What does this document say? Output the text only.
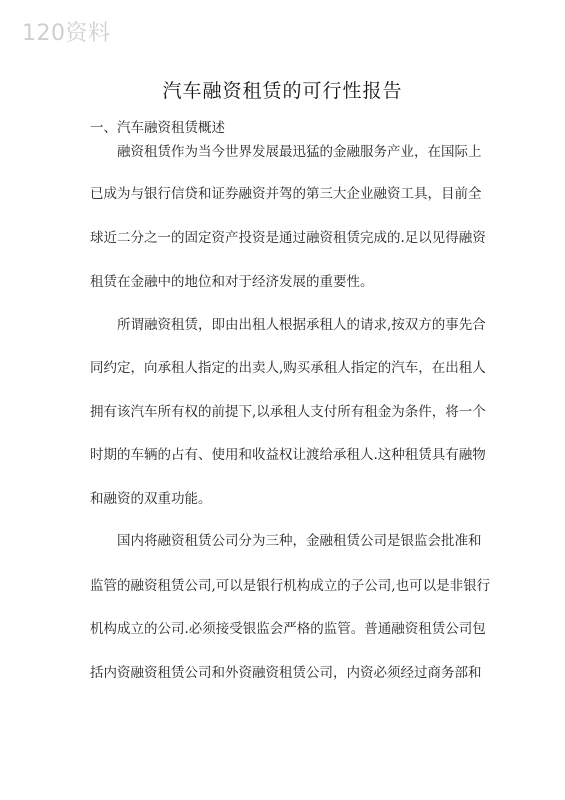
120资料
汽车融资租赁的可行性报告
一、汽车融资租赁概述
融资租赁作为当今世界发展最迅猛的金融服务产业，在国际上
已成为与银行信贷和证券融资并驾的第三大企业融资工具，目前全
球近二分之一的固定资产投资是通过融资租赁完成的.足以见得融资
租赁在金融中的地位和对于经济发展的重要性。
所谓融资租赁，即由出租人根据承租人的请求,按双方的事先合
同约定，向承租人指定的出卖人,购买承租人指定的汽车，在出租人
拥有该汽车所有权的前提下,以承租人支付所有租金为条件，将一个
时期的车辆的占有、使用和收益权让渡给承租人.这种租赁具有融物
和融资的双重功能。
国内将融资租赁公司分为三种，金融租赁公司是银监会批准和
监管的融资租赁公司,可以是银行机构成立的子公司,也可以是非银行
机构成立的公司.必须接受银监会严格的监管。普通融资租赁公司包
括内资融资租赁公司和外资融资租赁公司，内资必须经过商务部和
